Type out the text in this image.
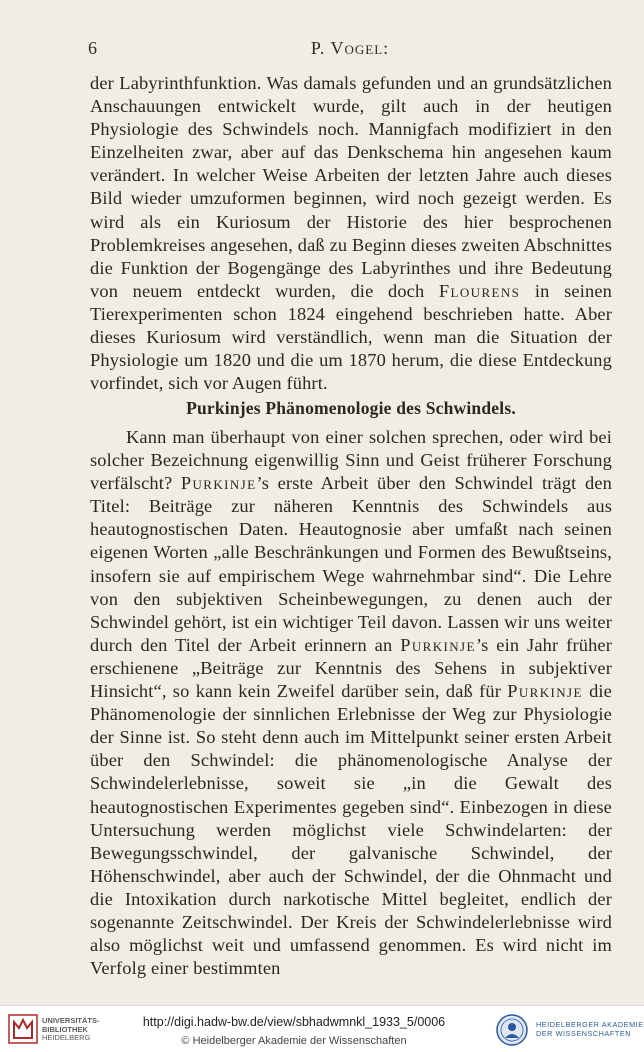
6	P. Vogel:

der Labyrinthfunktion. Was damals gefunden und an grundsätzlichen Anschauungen entwickelt wurde, gilt auch in der heutigen Physiologie des Schwindels noch. Mannigfach modifiziert in den Einzelheiten zwar, aber auf das Denkschema hin angesehen kaum verändert. In welcher Weise Arbeiten der letzten Jahre auch dieses Bild wieder umzuformen beginnen, wird noch gezeigt werden. Es wird als ein Kuriosum der Historie des hier besprochenen Problemkreises angesehen, daß zu Beginn dieses zweiten Abschnittes die Funktion der Bogengänge des Labyrinthes und ihre Bedeutung von neuem entdeckt wurden, die doch Flourens in seinen Tierexperimenten schon 1824 eingehend beschrieben hatte. Aber dieses Kuriosum wird verständlich, wenn man die Situation der Physiologie um 1820 und die um 1870 herum, die diese Entdeckung vorfindet, sich vor Augen führt.

Purkinjes Phänomenologie des Schwindels.

Kann man überhaupt von einer solchen sprechen, oder wird bei solcher Bezeichnung eigenwillig Sinn und Geist früherer Forschung verfälscht? Purkinje’s erste Arbeit über den Schwindel trägt den Titel: Beiträge zur näheren Kenntnis des Schwindels aus heautognostischen Daten. Heautognosie aber umfaßt nach seinen eigenen Worten „alle Beschränkungen und Formen des Bewußtseins, insofern sie auf empirischem Wege wahrnehmbar sind“. Die Lehre von den subjektiven Scheinbewegungen, zu denen auch der Schwindel gehört, ist ein wichtiger Teil davon. Lassen wir uns weiter durch den Titel der Arbeit erinnern an Purkinje’s ein Jahr früher erschienene „Beiträge zur Kenntnis des Sehens in subjektiver Hinsicht“, so kann kein Zweifel darüber sein, daß für Purkinje die Phänomenologie der sinnlichen Erlebnisse der Weg zur Physiologie der Sinne ist. So steht denn auch im Mittelpunkt seiner ersten Arbeit über den Schwindel: die phänomenologische Analyse der Schwindelerlebnisse, soweit sie „in die Gewalt des heautognostischen Experimentes gegeben sind“. Einbezogen in diese Untersuchung werden möglichst viele Schwindelarten: der Bewegungsschwindel, der galvanische Schwindel, der Höhenschwindel, aber auch der Schwindel, der die Ohnmacht und die Intoxikation durch narkotische Mittel begleitet, endlich der sogenannte Zeitschwindel. Der Kreis der Schwindelerlebnisse wird also möglichst weit und umfassend genommen. Es wird nicht im Verfolg einer bestimmten

UNIVERSITÄTS-
BIBLIOTHEK
HEIDELBERG
http://digi.hadw-bw.de/view/sbhadwmnkl_1933_5/0006
© Heidelberger Akademie der Wissenschaften
HEIDELBERGER AKADEMIE
DER WISSENSCHAFTEN
